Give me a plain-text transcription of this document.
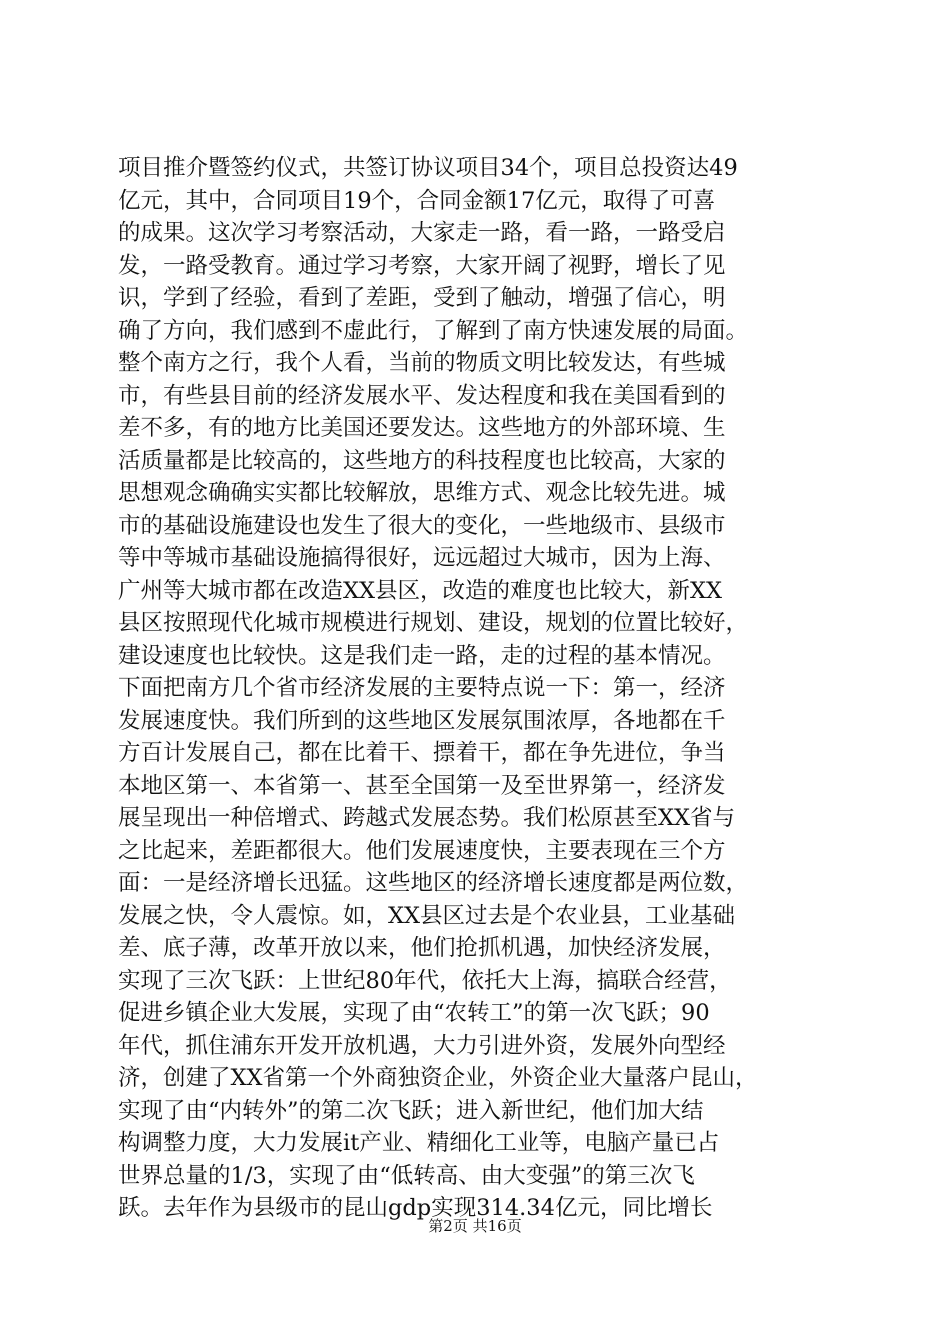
项目推介暨签约仪式，共签订协议项目34个，项目总投资达49
亿元，其中，合同项目19个，合同金额17亿元，取得了可喜
的成果。这次学习考察活动，大家走一路，看一路，一路受启
发，一路受教育。通过学习考察，大家开阔了视野，增长了见
识，学到了经验，看到了差距，受到了触动，增强了信心，明
确了方向，我们感到不虚此行，了解到了南方快速发展的局面。
整个南方之行，我个人看，当前的物质文明比较发达，有些城
市，有些县目前的经济发展水平、发达程度和我在美国看到的
差不多，有的地方比美国还要发达。这些地方的外部环境、生
活质量都是比较高的，这些地方的科技程度也比较高，大家的
思想观念确确实实都比较解放，思维方式、观念比较先进。城
市的基础设施建设也发生了很大的变化，一些地级市、县级市
等中等城市基础设施搞得很好，远远超过大城市，因为上海、
广州等大城市都在改造XX县区，改造的难度也比较大，新XX
县区按照现代化城市规模进行规划、建设，规划的位置比较好，
建设速度也比较快。这是我们走一路，走的过程的基本情况。
下面把南方几个省市经济发展的主要特点说一下：第一，经济
发展速度快。我们所到的这些地区发展氛围浓厚，各地都在千
方百计发展自己，都在比着干、摽着干，都在争先进位，争当
本地区第一、本省第一、甚至全国第一及至世界第一，经济发
展呈现出一种倍增式、跨越式发展态势。我们松原甚至XX省与
之比起来，差距都很大。他们发展速度快，主要表现在三个方
面：一是经济增长迅猛。这些地区的经济增长速度都是两位数，
发展之快，令人震惊。如，XX县区过去是个农业县，工业基础
差、底子薄，改革开放以来，他们抢抓机遇，加快经济发展，
实现了三次飞跃：上世纪80年代，依托大上海，搞联合经营，
促进乡镇企业大发展，实现了由“农转工”的第一次飞跃；90
年代，抓住浦东开发开放机遇，大力引进外资，发展外向型经
济，创建了XX省第一个外商独资企业，外资企业大量落户昆山，
实现了由“内转外”的第二次飞跃；进入新世纪，他们加大结
构调整力度，大力发展it产业、精细化工业等，电脑产量已占
世界总量的1/3，实现了由“低转高、由大变强”的第三次飞
跃。去年作为县级市的昆山gdp实现314.34亿元，同比增长
第2页 共16页
